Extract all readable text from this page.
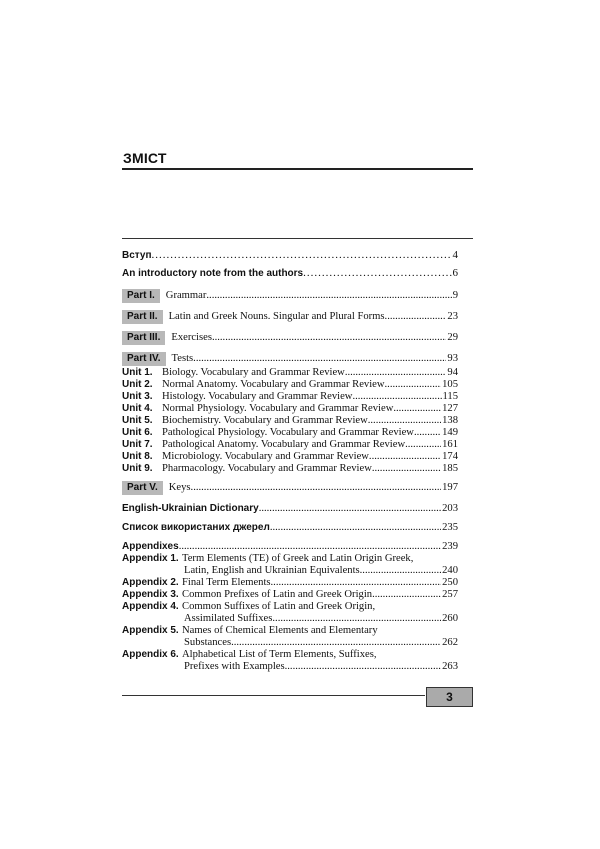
ЗМІСТ
Вступ .....	4
An introductory note from the authors .....	6
Part I.	Grammar .....	9
Part II.	Latin and Greek Nouns. Singular and Plural Forms .....	23
Part III.	Exercises .....	29
Part IV.	Tests .....	93
Unit 1. Biology. Vocabulary and Grammar Review .....	94
Unit 2. Normal Anatomy. Vocabulary and Grammar Review .....	105
Unit 3. Histology. Vocabulary and Grammar Review .....	115
Unit 4. Normal Physiology. Vocabulary and Grammar Review .....	127
Unit 5. Biochemistry. Vocabulary and Grammar Review .....	138
Unit 6. Pathological Physiology. Vocabulary and Grammar Review .....	149
Unit 7. Pathological Anatomy. Vocabulary and Grammar Review .....	161
Unit 8. Microbiology. Vocabulary and Grammar Review .....	174
Unit 9. Pharmacology. Vocabulary and Grammar Review .....	185
Part V.	Keys .....	197
English-Ukrainian Dictionary .....	203
Список використаних джерел .....	235
Appendixes .....	239
Appendix 1. Term Elements (TE) of Greek and Latin Origin Greek,
Latin, English and Ukrainian Equivalents .....	240
Appendix 2. Final Term Elements .....	250
Appendix 3. Common Prefixes of Latin and Greek Origin .....	257
Appendix 4. Common Suffixes of Latin and Greek Origin,
Assimilated Suffixes .....	260
Appendix 5. Names of Chemical Elements and Elementary
Substances .....	262
Appendix 6. Alphabetical List of Term Elements, Suffixes,
Prefixes with Examples .....	263
3
